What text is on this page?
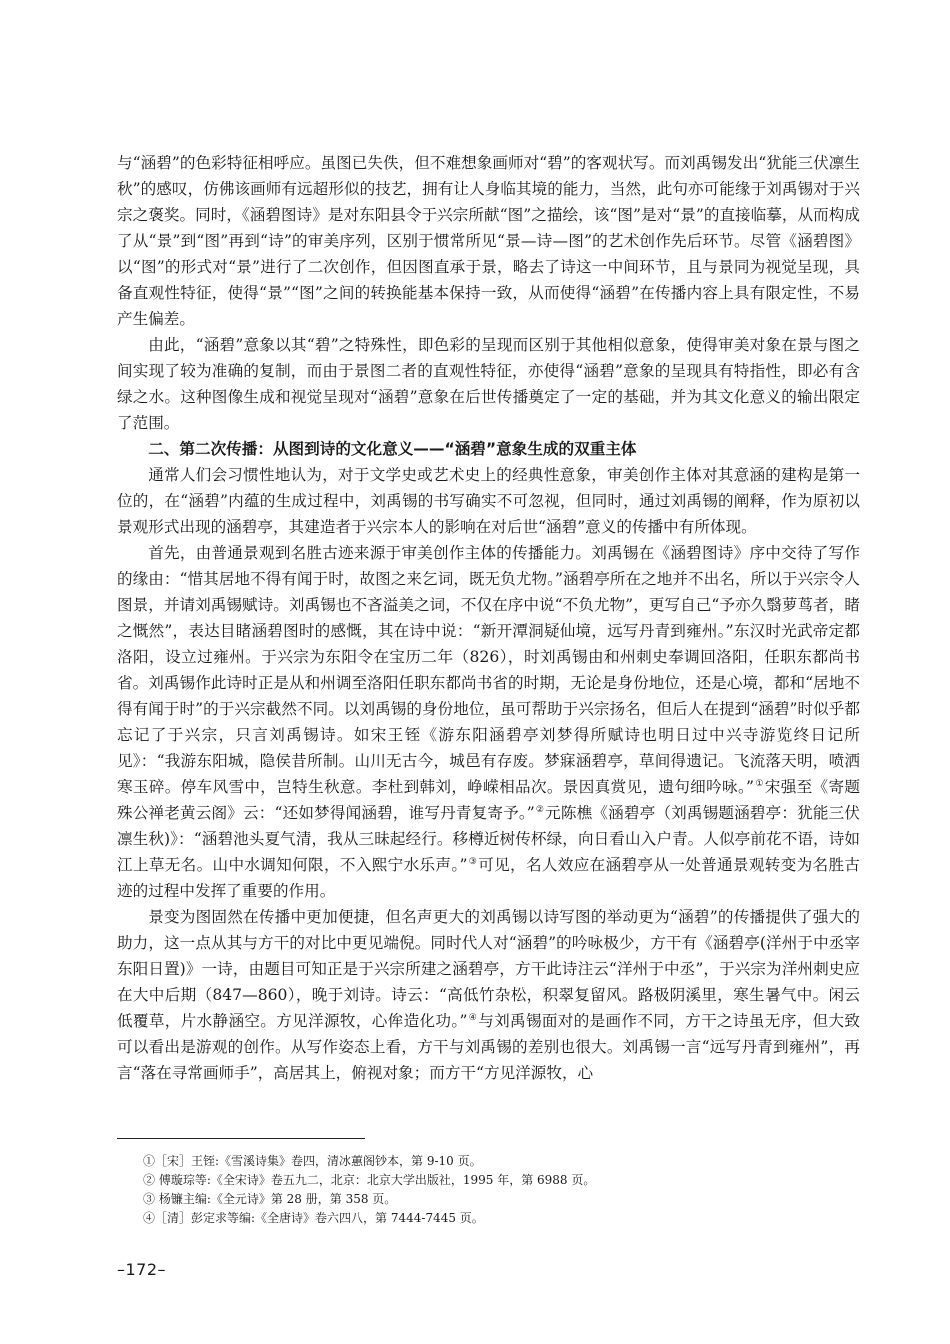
与“涵碧”的色彩特征相呼应。虽图已失佚，但不难想象画师对“碧”的客观状写。而刘禹锡发出“犹能三伏凛生秋”的感叹，仿佛该画师有远超形似的技艺，拥有让人身临其境的能力，当然，此句亦可能缘于刘禹锡对于兴宗之褒奖。同时，《涵碧图诗》是对东阳县令于兴宗所献“图”之描绘，该“图”是对“景”的直接临摹，从而构成了从“景”到“图”再到“诗”的审美序列，区别于惯常所见“景—诗—图”的艺术创作先后环节。尽管《涵碧图》以“图”的形式对“景”进行了二次创作，但因图直承于景，略去了诗这一中间环节，且与景同为视觉呈现，具备直观性特征，使得“景”“图”之间的转换能基本保持一致，从而使得“涵碧”在传播内容上具有限定性，不易产生偏差。

由此，“涵碧”意象以其“碧”之特殊性，即色彩的呈现而区别于其他相似意象，使得审美对象在景与图之间实现了较为准确的复制，而由于景图二者的直观性特征，亦使得“涵碧”意象的呈现具有特指性，即必有含绿之水。这种图像生成和视觉呈现对“涵碧”意象在后世传播奠定了一定的基础，并为其文化意义的输出限定了范围。

二、第二次传播：从图到诗的文化意义——“涵碧”意象生成的双重主体

通常人们会习惯性地认为，对于文学史或艺术史上的经典性意象，审美创作主体对其意涵的建构是第一位的，在“涵碧”内蕴的生成过程中，刘禹锡的书写确实不可忽视，但同时，通过刘禹锡的阐释，作为原初以景观形式出现的涵碧亭，其建造者于兴宗本人的影响在对后世“涵碧”意义的传播中有所体现。

首先，由普通景观到名胜古迹来源于审美创作主体的传播能力。刘禹锡在《涵碧图诗》序中交待了写作的缘由：“惜其居地不得有闻于时，故图之来乞词，既无负尤物。”涵碧亭所在之地并不出名，所以于兴宗令人图景，并请刘禹锡赋诗。刘禹锡也不吝溢美之词，不仅在序中说“不负尤物”，更写自己“予亦久翳萝茑者，睹之慨然”，表达目睹涵碧图时的感慨，其在诗中说：“新开潭洞疑仙境，远写丹青到雍州。”东汉时光武帝定都洛阳，设立过雍州。于兴宗为东阳令在宝历二年（826），时刘禹锡由和州刺史奉调回洛阳，任职东都尚书省。刘禹锡作此诗时正是从和州调至洛阳任职东都尚书省的时期，无论是身份地位，还是心境，都和“居地不得有闻于时”的于兴宗截然不同。以刘禹锡的身份地位，虽可帮助于兴宗扬名，但后人在提到“涵碧”时似乎都忘记了于兴宗，只言刘禹锡诗。如宋王铚《游东阳涵碧亭刘梦得所赋诗也明日过中兴寺游览终日记所见》：“我游东阳城，隐侯昔所制。山川无古今，城邑有存废。梦寐涵碧亭，草间得遗记。飞流落天明，喷洒寒玉碎。停车风雪中，岂特生秋意。李杜到韩刘，峥嵘相品次。景因真赏见，遗句细吟咏。”①宋强至《寄题殊公禅老黄云阁》云：“还如梦得闻涵碧，谁写丹青复寄予。”②元陈樵《涵碧亭（刘禹锡题涵碧亭：犹能三伏凛生秋)》：“涵碧池头夏气清，我从三昧起经行。移樽近树传杯绿，向日看山入户青。人似亭前花不语，诗如江上草无名。山中水调知何限，不入熙宁水乐声。”③可见，名人效应在涵碧亭从一处普通景观转变为名胜古迹的过程中发挥了重要的作用。

景变为图固然在传播中更加便捷，但名声更大的刘禹锡以诗写图的举动更为“涵碧”的传播提供了强大的助力，这一点从其与方干的对比中更见端倪。同时代人对“涵碧”的吟咏极少，方干有《涵碧亭(洋州于中丞宰东阳日置)》一诗，由题目可知正是于兴宗所建之涵碧亭，方干此诗注云“洋州于中丞”，于兴宗为洋州刺史应在大中后期（847—860），晚于刘诗。诗云：“高低竹杂松，积翠复留风。路极阴溪里，寒生暑气中。闲云低覆草，片水静涵空。方见洋源牧，心侔造化功。”④与刘禹锡面对的是画作不同，方干之诗虽无序，但大致可以看出是游观的创作。从写作姿态上看，方干与刘禹锡的差别也很大。刘禹锡一言“远写丹青到雍州”，再言“落在寻常画师手”，高居其上，俯视对象；而方干“方见洋源牧，心

①［宋］王铚:《雪溪诗集》卷四，清冰蕙阁钞本，第 9-10 页。

② 傅璇琮等:《全宋诗》卷五九二，北京：北京大学出版社，1995 年，第 6988 页。

③ 杨镰主编:《全元诗》第 28 册，第 358 页。

④［清］彭定求等编:《全唐诗》卷六四八，第 7444-7445 页。

–172–
